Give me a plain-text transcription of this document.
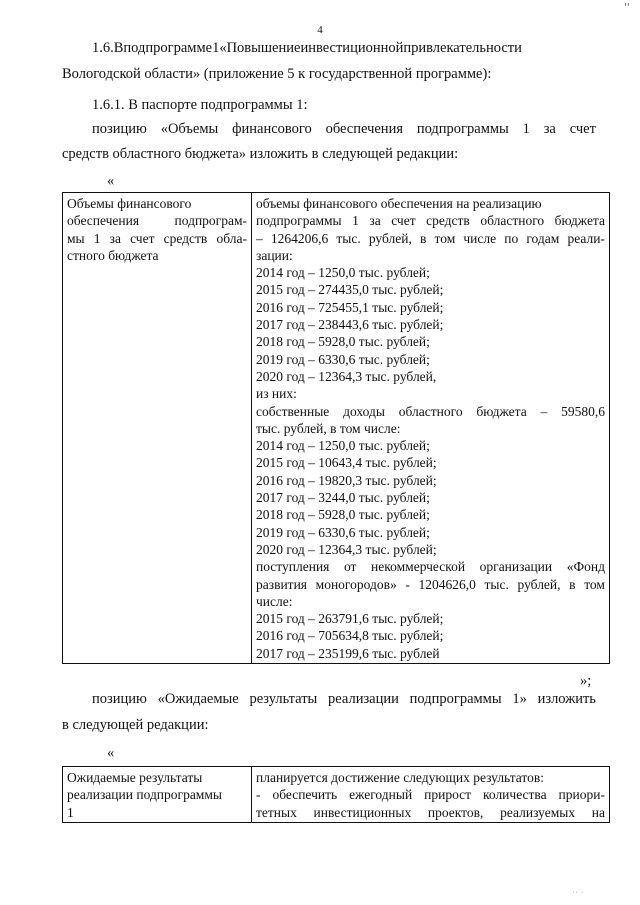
4
ᵻᵻ
1.6. В подпрограмме 1 «Повышение инвестиционной привлекательности
Вологодской области» (приложение 5 к государственной программе):
1.6.1. В паспорте подпрограммы 1:
позицию «Объемы финансового обеспечения подпрограммы 1 за счет
средств областного бюджета» изложить в следующей редакции:
«
Объемы финансового
обеспечения	подпрограм-
мы 1 за счет средств обла-
стного бюджета

объемы финансового обеспечения на реализацию
подпрограммы 1 за счет средств областного бюджета
– 1264206,6 тыс. рублей, в том числе по годам реали-
зации:
2014 год – 1250,0 тыс. рублей;
2015 год – 274435,0 тыс. рублей;
2016 год – 725455,1 тыс. рублей;
2017 год – 238443,6 тыс. рублей;
2018 год – 5928,0 тыс. рублей;
2019 год – 6330,6 тыс. рублей;
2020 год – 12364,3 тыс. рублей,
из них:
собственные доходы областного бюджета – 59580,6
тыс. рублей, в том числе:
2014 год – 1250,0 тыс. рублей;
2015 год – 10643,4 тыс. рублей;
2016 год – 19820,3 тыс. рублей;
2017 год – 3244,0 тыс. рублей;
2018 год – 5928,0 тыс. рублей;
2019 год – 6330,6 тыс. рублей;
2020 год – 12364,3 тыс. рублей;
поступления от некоммерческой организации «Фонд
развития моногородов» - 1204626,0 тыс. рублей, в том
числе:
2015 год – 263791,6 тыс. рублей;
2016 год – 705634,8 тыс. рублей;
2017 год – 235199,6 тыс. рублей
»;
позицию «Ожидаемые результаты реализации подпрограммы 1» изложить
в следующей редакции:
«
Ожидаемые результаты
реализации подпрограммы
1

планируется достижение следующих результатов:
- обеспечить ежегодный прирост количества приори-
тетных инвестиционных проектов, реализуемых на
·· ·
